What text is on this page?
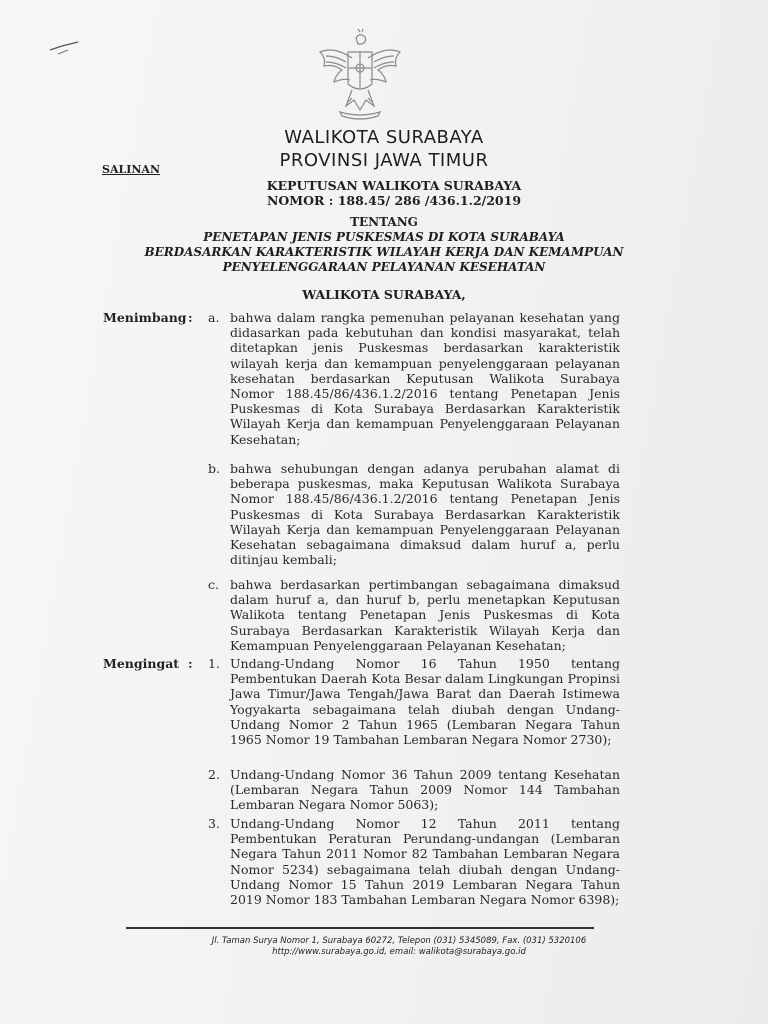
WALIKOTA SURABAYA
PROVINSI JAWA TIMUR
SALINAN
KEPUTUSAN WALIKOTA SURABAYA
NOMOR : 188.45/ 286 /436.1.2/2019
TENTANG
PENETAPAN JENIS PUSKESMAS DI KOTA SURABAYA
BERDASARKAN KARAKTERISTIK WILAYAH KERJA DAN KEMAMPUAN
PENYELENGGARAAN PELAYANAN KESEHATAN
WALIKOTA SURABAYA,
Menimbang : a. bahwa dalam rangka pemenuhan pelayanan kesehatan yang didasarkan pada kebutuhan dan kondisi masyarakat, telah ditetapkan jenis Puskesmas berdasarkan karakteristik wilayah kerja dan kemampuan penyelenggaraan pelayanan kesehatan berdasarkan Keputusan Walikota Surabaya Nomor 188.45/86/436.1.2/2016 tentang Penetapan Jenis Puskesmas di Kota Surabaya Berdasarkan Karakteristik Wilayah Kerja dan kemampuan Penyelenggaraan Pelayanan Kesehatan;
b. bahwa sehubungan dengan adanya perubahan alamat di beberapa puskesmas, maka Keputusan Walikota Surabaya Nomor 188.45/86/436.1.2/2016 tentang Penetapan Jenis Puskesmas di Kota Surabaya Berdasarkan Karakteristik Wilayah Kerja dan kemampuan Penyelenggaraan Pelayanan Kesehatan sebagaimana dimaksud dalam huruf a, perlu ditinjau kembali;
c. bahwa berdasarkan pertimbangan sebagaimana dimaksud dalam huruf a, dan huruf b, perlu menetapkan Keputusan Walikota tentang Penetapan Jenis Puskesmas di Kota Surabaya Berdasarkan Karakteristik Wilayah Kerja dan Kemampuan Penyelenggaraan Pelayanan Kesehatan;
Mengingat : 1. Undang-Undang Nomor 16 Tahun 1950 tentang Pembentukan Daerah Kota Besar dalam Lingkungan Propinsi Jawa Timur/Jawa Tengah/Jawa Barat dan Daerah Istimewa Yogyakarta sebagaimana telah diubah dengan Undang-Undang Nomor 2 Tahun 1965 (Lembaran Negara Tahun 1965 Nomor 19 Tambahan Lembaran Negara Nomor 2730);
2. Undang-Undang Nomor 36 Tahun 2009 tentang Kesehatan (Lembaran Negara Tahun 2009 Nomor 144 Tambahan Lembaran Negara Nomor 5063);
3. Undang-Undang Nomor 12 Tahun 2011 tentang Pembentukan Peraturan Perundang-undangan (Lembaran Negara Tahun 2011 Nomor 82 Tambahan Lembaran Negara Nomor 5234) sebagaimana telah diubah dengan Undang-Undang Nomor 15 Tahun 2019 Lembaran Negara Tahun 2019 Nomor 183 Tambahan Lembaran Negara Nomor 6398);
Jl. Taman Surya Nomor 1, Surabaya 60272, Telepon (031) 5345089, Fax. (031) 5320106
http://www.surabaya.go.id, email: walikota@surabaya.go.id
